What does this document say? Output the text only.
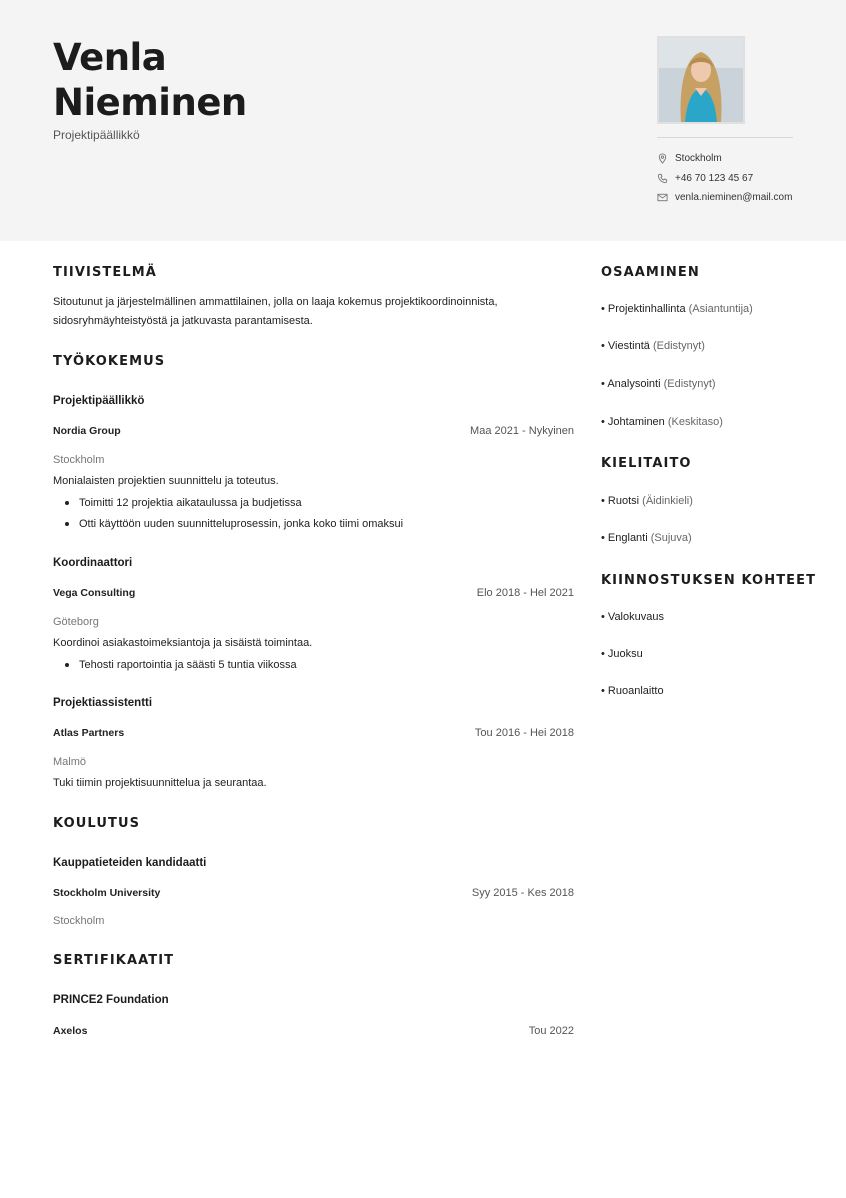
Venla
Nieminen
Projektipäällikkö
Stockholm
+46 70 123 45 67
venla.nieminen@mail.com
TIIVISTELMÄ
Sitoutunut ja järjestelmällinen ammattilainen, jolla on laaja kokemus projektikoordinoinnista,
sidosryhmäyhteistyöstä ja jatkuvasta parantamisesta.
TYÖKOKEMUS
Projektipäällikkö
Nordia Group	Maa 2021 - Nykyinen
Stockholm
Monialaisten projektien suunnittelu ja toteutus.
Toimitti 12 projektia aikataulussa ja budjetissa
Otti käyttöön uuden suunnitteluprosessin, jonka koko tiimi omaksui
Koordinaattori
Vega Consulting	Elo 2018 - Hel 2021
Göteborg
Koordinoi asiakastoimeksiantoja ja sisäistä toimintaa.
Tehosti raportointia ja säästi 5 tuntia viikossa
Projektiassistentti
Atlas Partners	Tou 2016 - Hei 2018
Malmö
Tuki tiimin projektisuunnittelua ja seurantaa.
KOULUTUS
Kauppatieteiden kandidaatti
Stockholm University	Syy 2015 - Kes 2018
Stockholm
SERTIFIKAATIT
PRINCE2 Foundation
Axelos	Tou 2022
OSAAMINEN
• Projektinhallinta (Asiantuntija)
• Viestintä (Edistynyt)
• Analysointi (Edistynyt)
• Johtaminen (Keskitaso)
KIELITAITO
• Ruotsi (Äidinkieli)
• Englanti (Sujuva)
KIINNOSTUKSEN KOHTEET
• Valokuvaus
• Juoksu
• Ruoanlaitto
